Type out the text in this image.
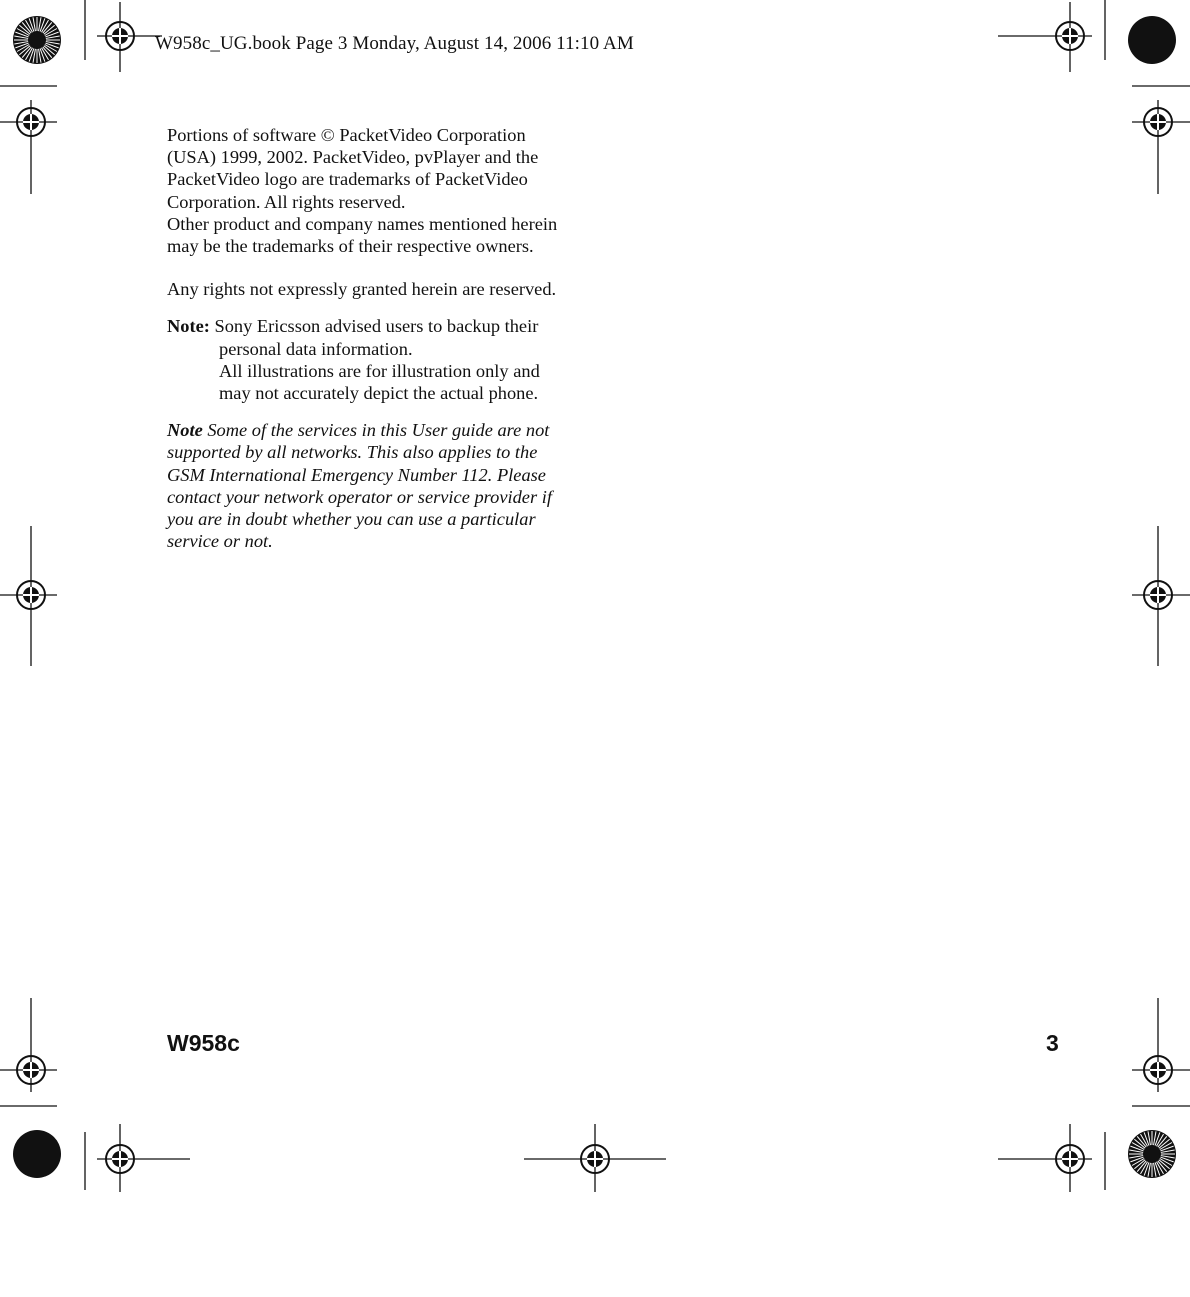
W958c_UG.book Page 3 Monday, August 14, 2006 11:10 AM

Portions of software © PacketVideo Corporation
(USA) 1999, 2002. PacketVideo, pvPlayer and the
PacketVideo logo are trademarks of PacketVideo
Corporation. All rights reserved.
Other product and company names mentioned herein
may be the trademarks of their respective owners.

Any rights not expressly granted herein are reserved.

Note: Sony Ericsson advised users to backup their
personal data information.
All illustrations are for illustration only and
may not accurately depict the actual phone.

Note Some of the services in this User guide are not
supported by all networks. This also applies to the
GSM International Emergency Number 112. Please
contact your network operator or service provider if
you are in doubt whether you can use a particular
service or not.

W958c	3
